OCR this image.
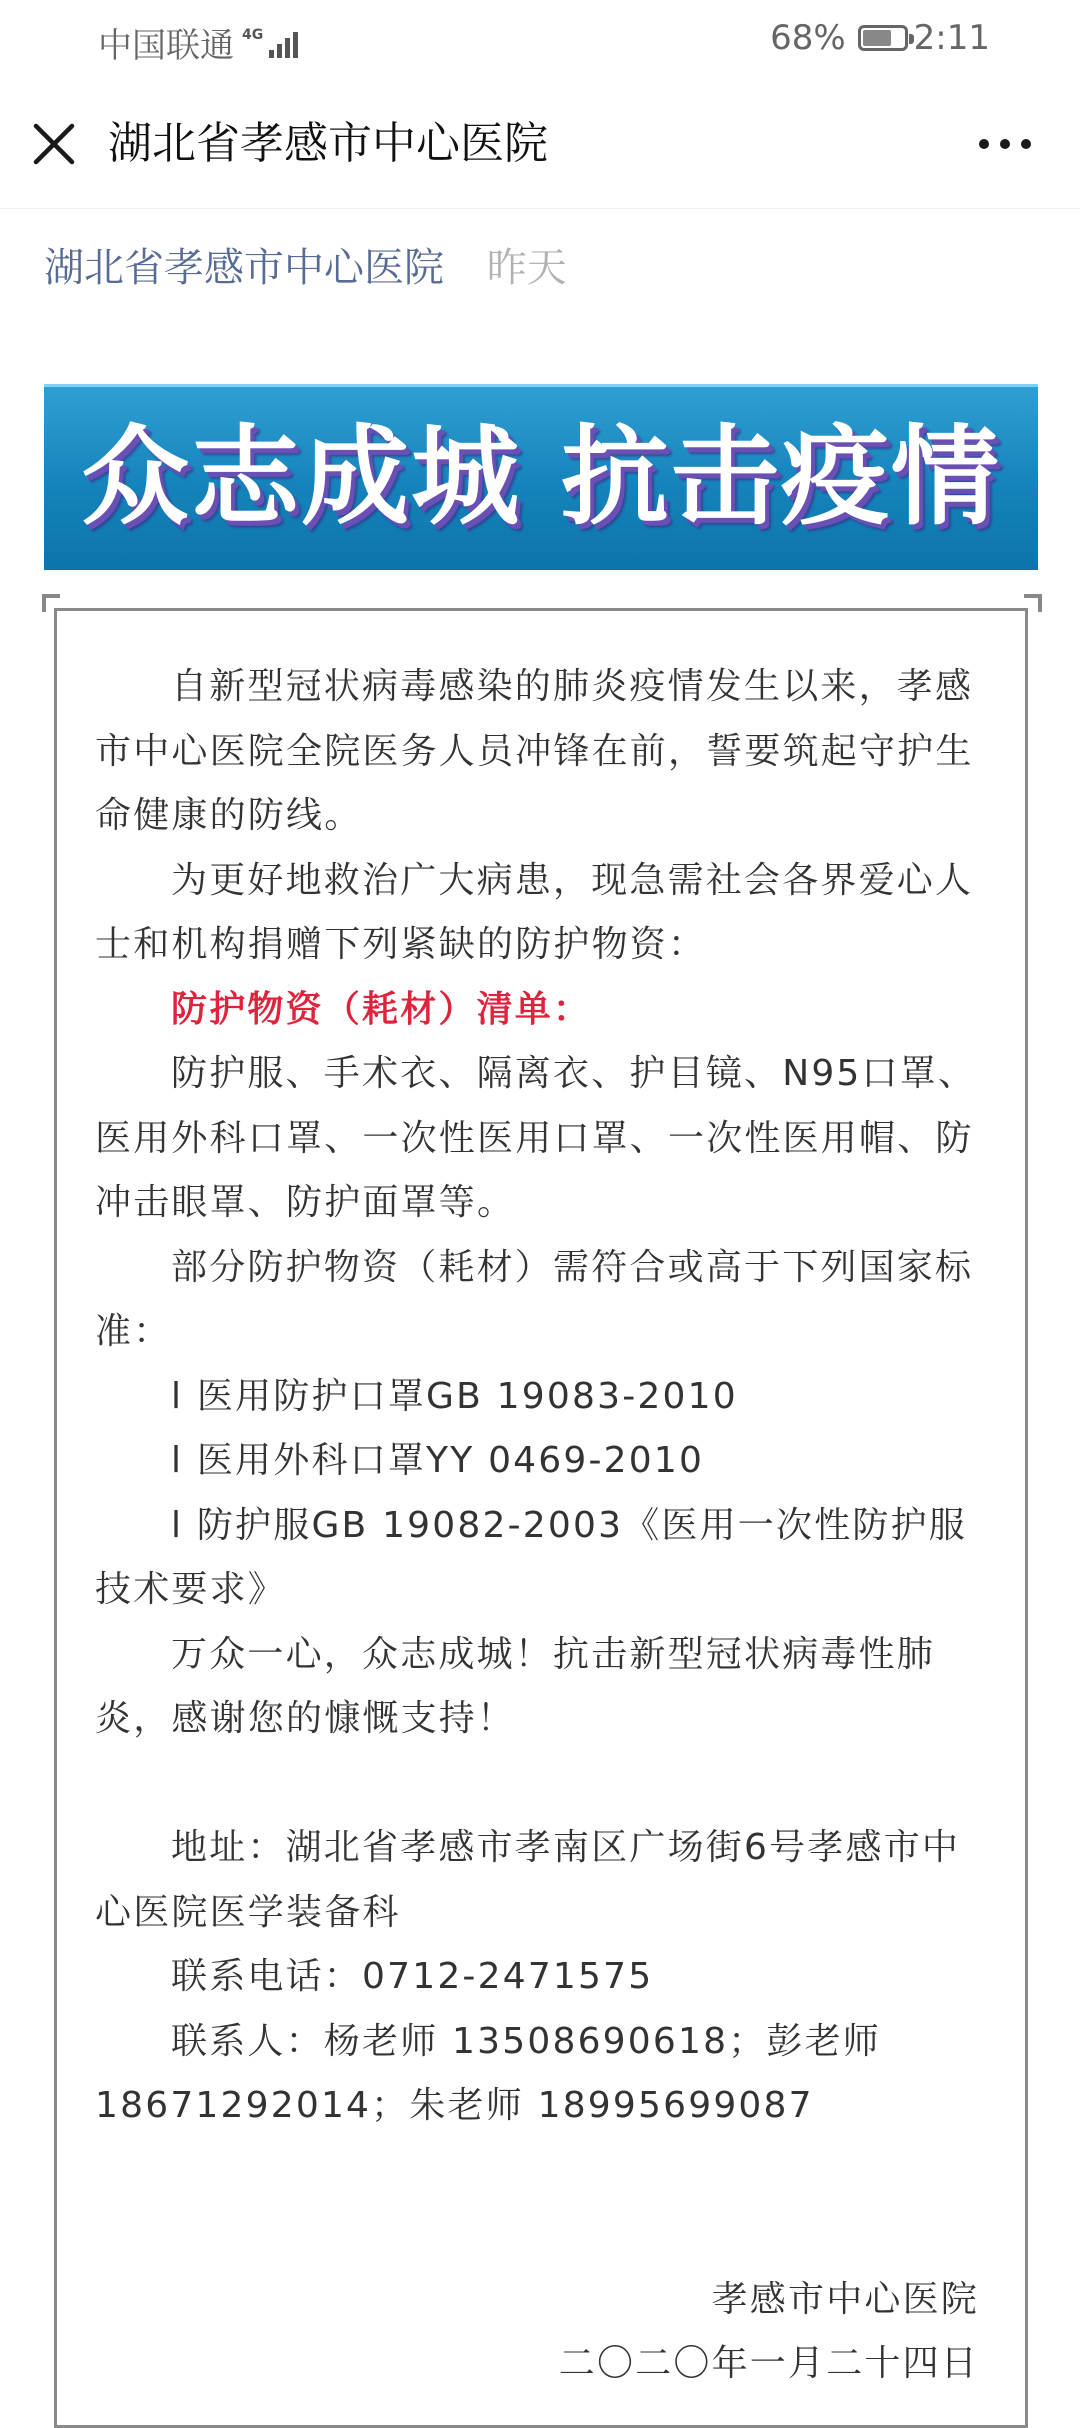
中国联通 4G	68% 2:11
湖北省孝感市中心医院
湖北省孝感市中心医院 昨天
众志成城 抗击疫情

自新型冠状病毒感染的肺炎疫情发生以来，孝感市中心医院全院医务人员冲锋在前，誓要筑起守护生命健康的防线。

为更好地救治广大病患，现急需社会各界爱心人士和机构捐赠下列紧缺的防护物资：

防护物资（耗材）清单：

防护服、手术衣、隔离衣、护目镜、N95口罩、医用外科口罩、一次性医用口罩、一次性医用帽、防冲击眼罩、防护面罩等。

部分防护物资（耗材）需符合或高于下列国家标准：

l 医用防护口罩GB 19083-2010

l 医用外科口罩YY 0469-2010

l 防护服GB 19082-2003《医用一次性防护服技术要求》

万众一心，众志成城！抗击新型冠状病毒性肺炎，感谢您的慷慨支持！

地址：湖北省孝感市孝南区广场街6号孝感市中心医院医学装备科

联系电话：0712-2471575

联系人：杨老师 13508690618；彭老师 18671292014；朱老师 18995699087

孝感市中心医院

二〇二〇年一月二十四日
